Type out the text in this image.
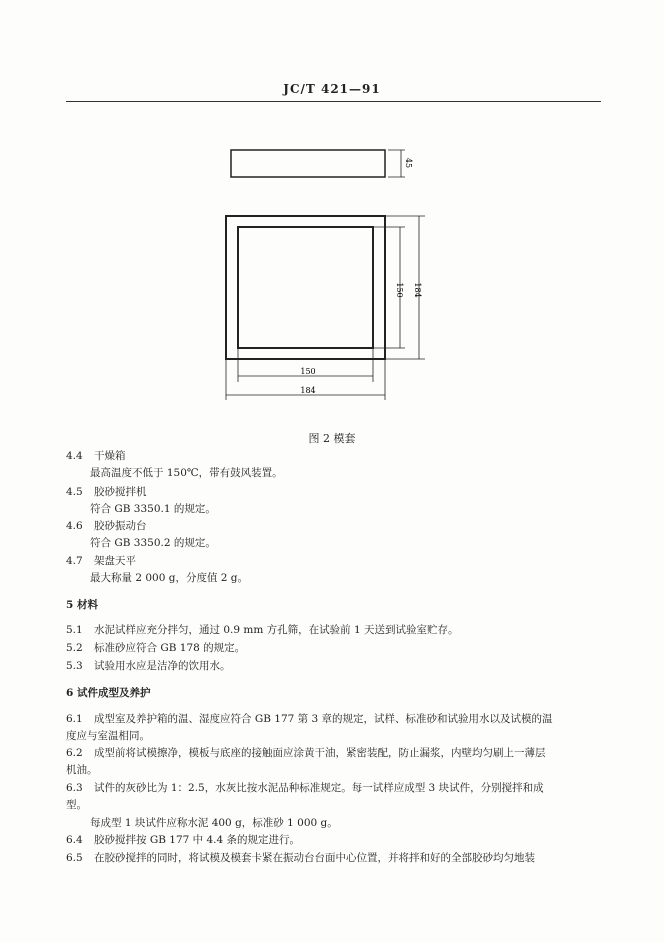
JC/T 421—91
45
150 184
150
184
图 2 模套
4.4 干燥箱
最高温度不低于 150℃，带有鼓风装置。
4.5 胶砂搅拌机
符合 GB 3350.1 的规定。
4.6 胶砂振动台
符合 GB 3350.2 的规定。
4.7 架盘天平
最大称量 2 000 g，分度值 2 g。
5 材料
5.1 水泥试样应充分拌匀，通过 0.9 mm 方孔筛，在试验前 1 天送到试验室贮存。
5.2 标准砂应符合 GB 178 的规定。
5.3 试验用水应是洁净的饮用水。
6 试件成型及养护
6.1 成型室及养护箱的温、湿度应符合 GB 177 第 3 章的规定，试样、标准砂和试验用水以及试模的温
度应与室温相同。
6.2 成型前将试模擦净，模板与底座的接触面应涂黄干油，紧密装配，防止漏浆，内壁均匀刷上一薄层
机油。
6.3 试件的灰砂比为 1：2.5，水灰比按水泥品种标准规定。每一试样应成型 3 块试件，分别搅拌和成
型。
每成型 1 块试件应称水泥 400 g，标准砂 1 000 g。
6.4 胶砂搅拌按 GB 177 中 4.4 条的规定进行。
6.5 在胶砂搅拌的同时，将试模及模套卡紧在振动台台面中心位置，并将拌和好的全部胶砂均匀地装
